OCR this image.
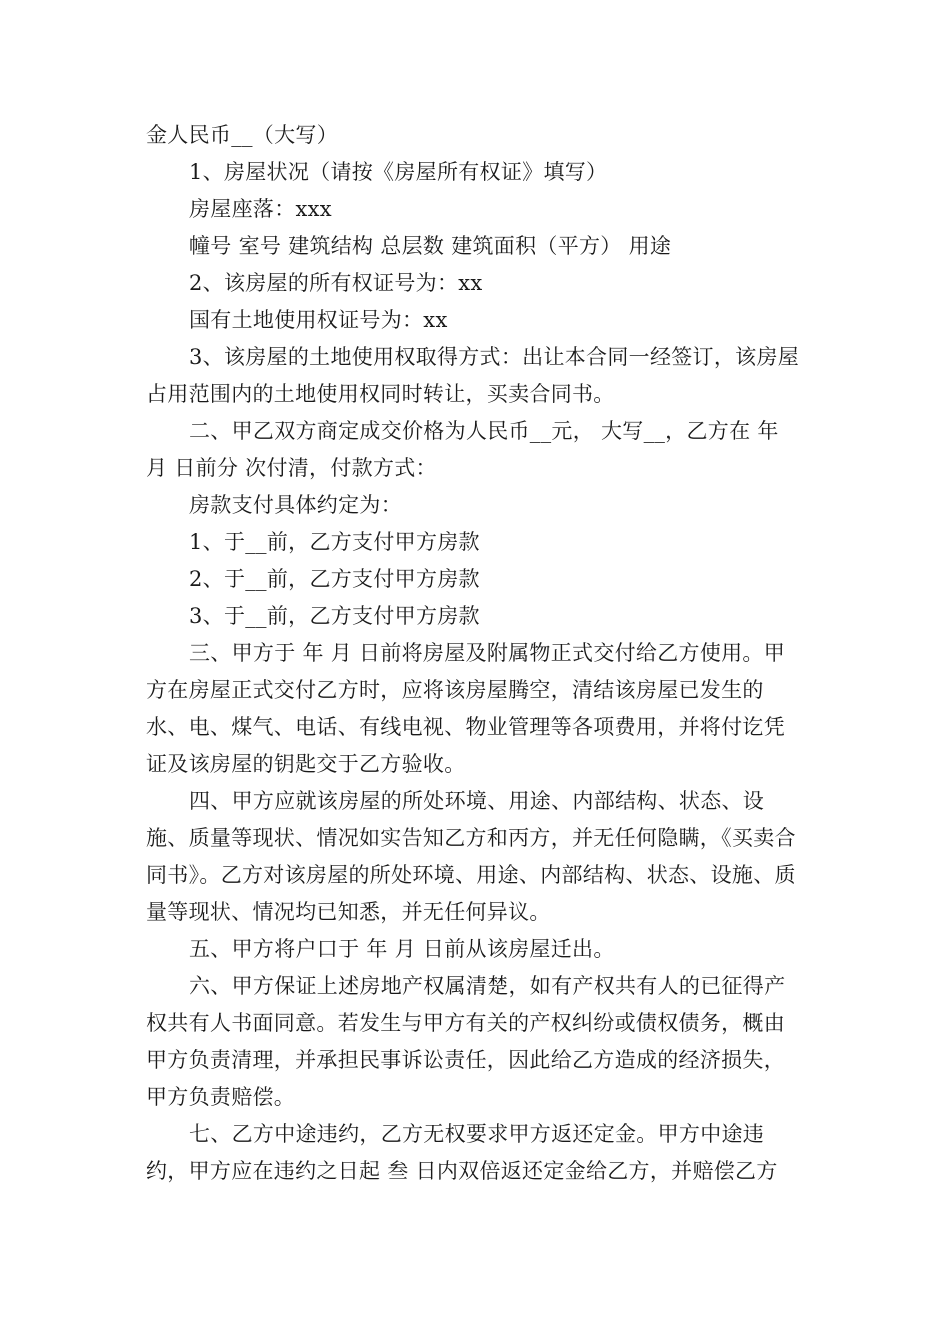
金人民币__（大写）

1、房屋状况（请按《房屋所有权证》填写）

房屋座落：xxx

幢号 室号 建筑结构 总层数 建筑面积（平方） 用途

2、该房屋的所有权证号为：xx

国有土地使用权证号为：xx

3、该房屋的土地使用权取得方式：出让本合同一经签订，该房屋占用范围内的土地使用权同时转让，买卖合同书。

二、甲乙双方商定成交价格为人民币__元， 大写__，乙方在 年 月 日前分 次付清，付款方式：

房款支付具体约定为：

1、于__前，乙方支付甲方房款

2、于__前，乙方支付甲方房款

3、于__前，乙方支付甲方房款

三、甲方于 年 月 日前将房屋及附属物正式交付给乙方使用。甲方在房屋正式交付乙方时，应将该房屋腾空，清结该房屋已发生的水、电、煤气、电话、有线电视、物业管理等各项费用，并将付讫凭证及该房屋的钥匙交于乙方验收。

四、甲方应就该房屋的所处环境、用途、内部结构、状态、设施、质量等现状、情况如实告知乙方和丙方，并无任何隐瞒，《买卖合同书》。乙方对该房屋的所处环境、用途、内部结构、状态、设施、质量等现状、情况均已知悉，并无任何异议。

五、甲方将户口于 年 月 日前从该房屋迁出。

六、甲方保证上述房地产权属清楚，如有产权共有人的已征得产权共有人书面同意。若发生与甲方有关的产权纠纷或债权债务，概由甲方负责清理，并承担民事诉讼责任，因此给乙方造成的经济损失，甲方负责赔偿。

七、乙方中途违约，乙方无权要求甲方返还定金。甲方中途违约，甲方应在违约之日起 叁 日内双倍返还定金给乙方，并赔偿乙方
